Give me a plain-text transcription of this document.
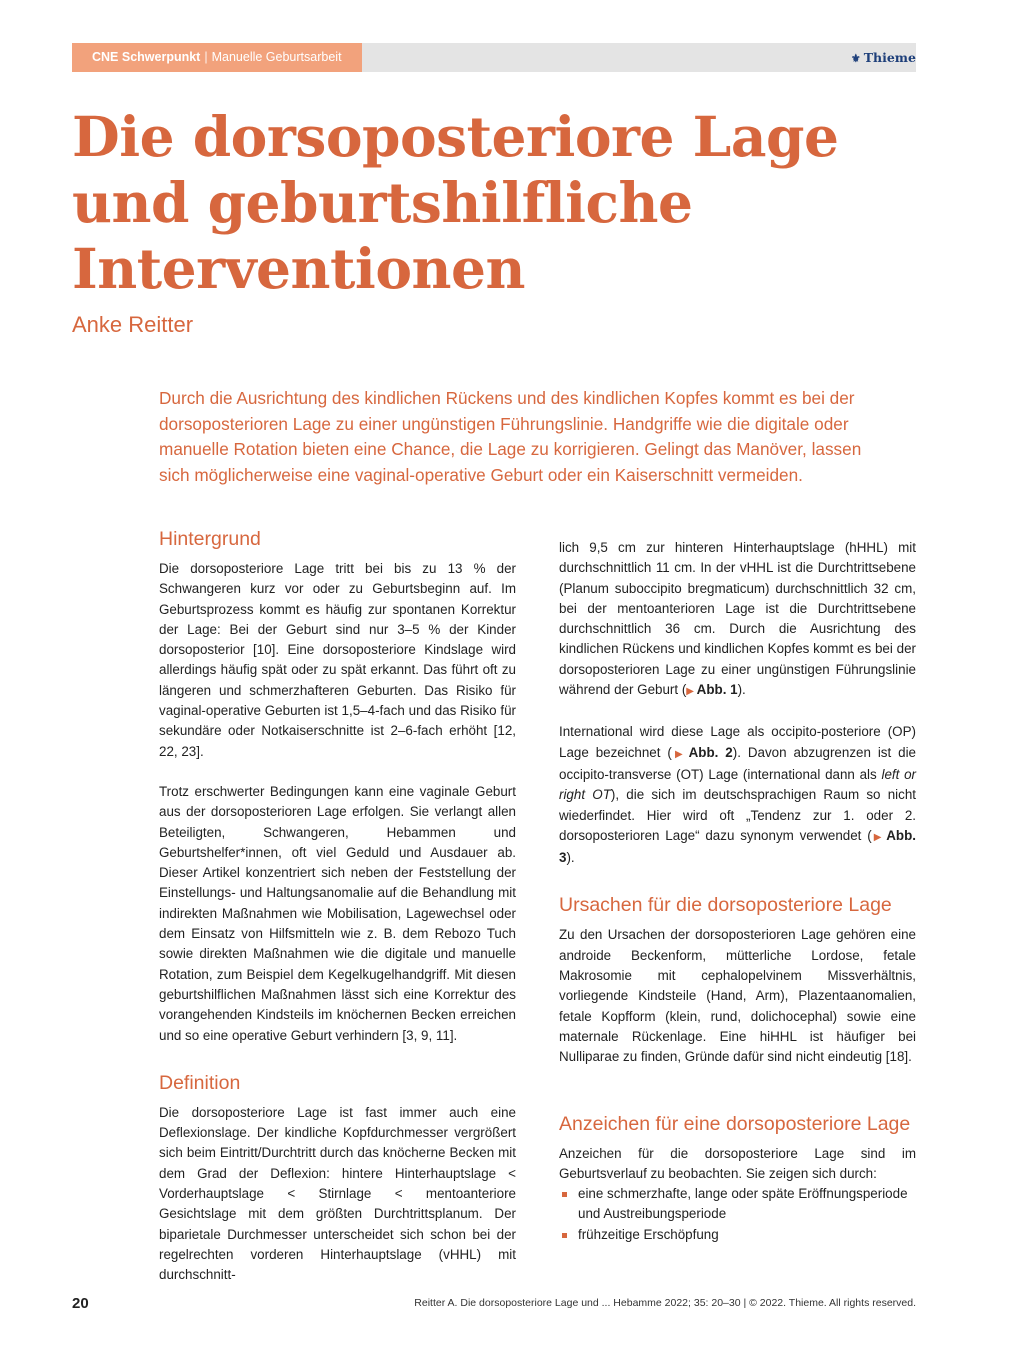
CNE Schwerpunkt | Manuelle Geburtsarbeit	⚜ Thieme
Die dorsoposteriore Lage
und geburtshilfliche
Interventionen
Anke Reitter
Durch die Ausrichtung des kindlichen Rückens und des kindlichen Kopfes kommt es bei der
dorsoposterioren Lage zu einer ungünstigen Führungslinie. Handgriffe wie die digitale oder
manuelle Rotation bieten eine Chance, die Lage zu korrigieren. Gelingt das Manöver, lassen
sich möglicherweise eine vaginal-operative Geburt oder ein Kaiserschnitt vermeiden.
Hintergrund

Die dorsoposteriore Lage tritt bei bis zu 13 % der Schwangeren kurz vor oder zu Geburtsbeginn auf. Im Geburtsprozess kommt es häufig zur spontanen Korrektur der Lage: Bei der Geburt sind nur 3–5 % der Kinder dorsoposterior [10]. Eine dorsoposteriore Kindslage wird allerdings häufig spät oder zu spät erkannt. Das führt oft zu längeren und schmerzhafteren Geburten. Das Risiko für vaginal-operative Geburten ist 1,5–4-fach und das Risiko für sekundäre oder Notkaiserschnitte ist 2–6-fach erhöht [12, 22, 23].

Trotz erschwerter Bedingungen kann eine vaginale Geburt aus der dorsoposterioren Lage erfolgen. Sie verlangt allen Beteiligten, Schwangeren, Hebammen und Geburtshelfer*innen, oft viel Geduld und Ausdauer ab. Dieser Artikel konzentriert sich neben der Feststellung der Einstellungs- und Haltungsanomalie auf die Behandlung mit indirekten Maßnahmen wie Mobilisation, Lagewechsel oder dem Einsatz von Hilfsmitteln wie z. B. dem Rebozo Tuch sowie direkten Maßnahmen wie die digitale und manuelle Rotation, zum Beispiel dem Kegelkugelhandgriff. Mit diesen geburtshilflichen Maßnahmen lässt sich eine Korrektur des vorangehenden Kindsteils im knöchernen Becken erreichen und so eine operative Geburt verhindern [3, 9, 11].

Definition

Die dorsoposteriore Lage ist fast immer auch eine Deflexionslage. Der kindliche Kopfdurchmesser vergrößert sich beim Eintritt/Durchtritt durch das knöcherne Becken mit dem Grad der Deflexion: hintere Hinterhauptslage < Vorderhauptslage < Stirnlage < mentoanteriore Gesichtslage mit dem größten Durchtrittsplanum. Der biparietale Durchmesser unterscheidet sich schon bei der regelrechten vorderen Hinterhauptslage (vHHL) mit durchschnitt-

lich 9,5 cm zur hinteren Hinterhauptslage (hHHL) mit durchschnittlich 11 cm. In der vHHL ist die Durchtrittsebene (Planum suboccipito bregmaticum) durchschnittlich 32 cm, bei der mentoanterioren Lage ist die Durchtrittsebene durchschnittlich 36 cm. Durch die Ausrichtung des kindlichen Rückens und kindlichen Kopfes kommt es bei der dorsoposterioren Lage zu einer ungünstigen Führungslinie während der Geburt (▶  Abb. 1).

International wird diese Lage als occipito-posteriore (OP) Lage bezeichnet (▶  Abb. 2). Davon abzugrenzen ist die occipito-transverse (OT) Lage (international dann als left or right OT), die sich im deutschsprachigen Raum so nicht wiederfindet. Hier wird oft „Tendenz zur 1. oder 2. dorsoposterioren Lage“ dazu synonym verwendet (▶  Abb. 3).

Ursachen für die dorsoposteriore Lage

Zu den Ursachen der dorsoposterioren Lage gehören eine androide Beckenform, mütterliche Lordose, fetale Makrosomie mit cephalopelvinem Missverhältnis, vorliegende Kindsteile (Hand, Arm), Plazentaanomalien, fetale Kopfform (klein, rund, dolichocephal) sowie eine maternale Rückenlage. Eine hiHHL ist häufiger bei Nulliparae zu finden, Gründe dafür sind nicht eindeutig [18].

Anzeichen für eine dorsoposteriore Lage

Anzeichen für die dorsoposteriore Lage sind im Geburtsverlauf zu beobachten. Sie zeigen sich durch:

eine schmerzhafte, lange oder späte Eröffnungsperiode und Austreibungsperiode
frühzeitige Erschöpfung
20	Reitter A. Die dorsoposteriore Lage und ... Hebamme 2022; 35: 20–30 | © 2022. Thieme. All rights reserved.
